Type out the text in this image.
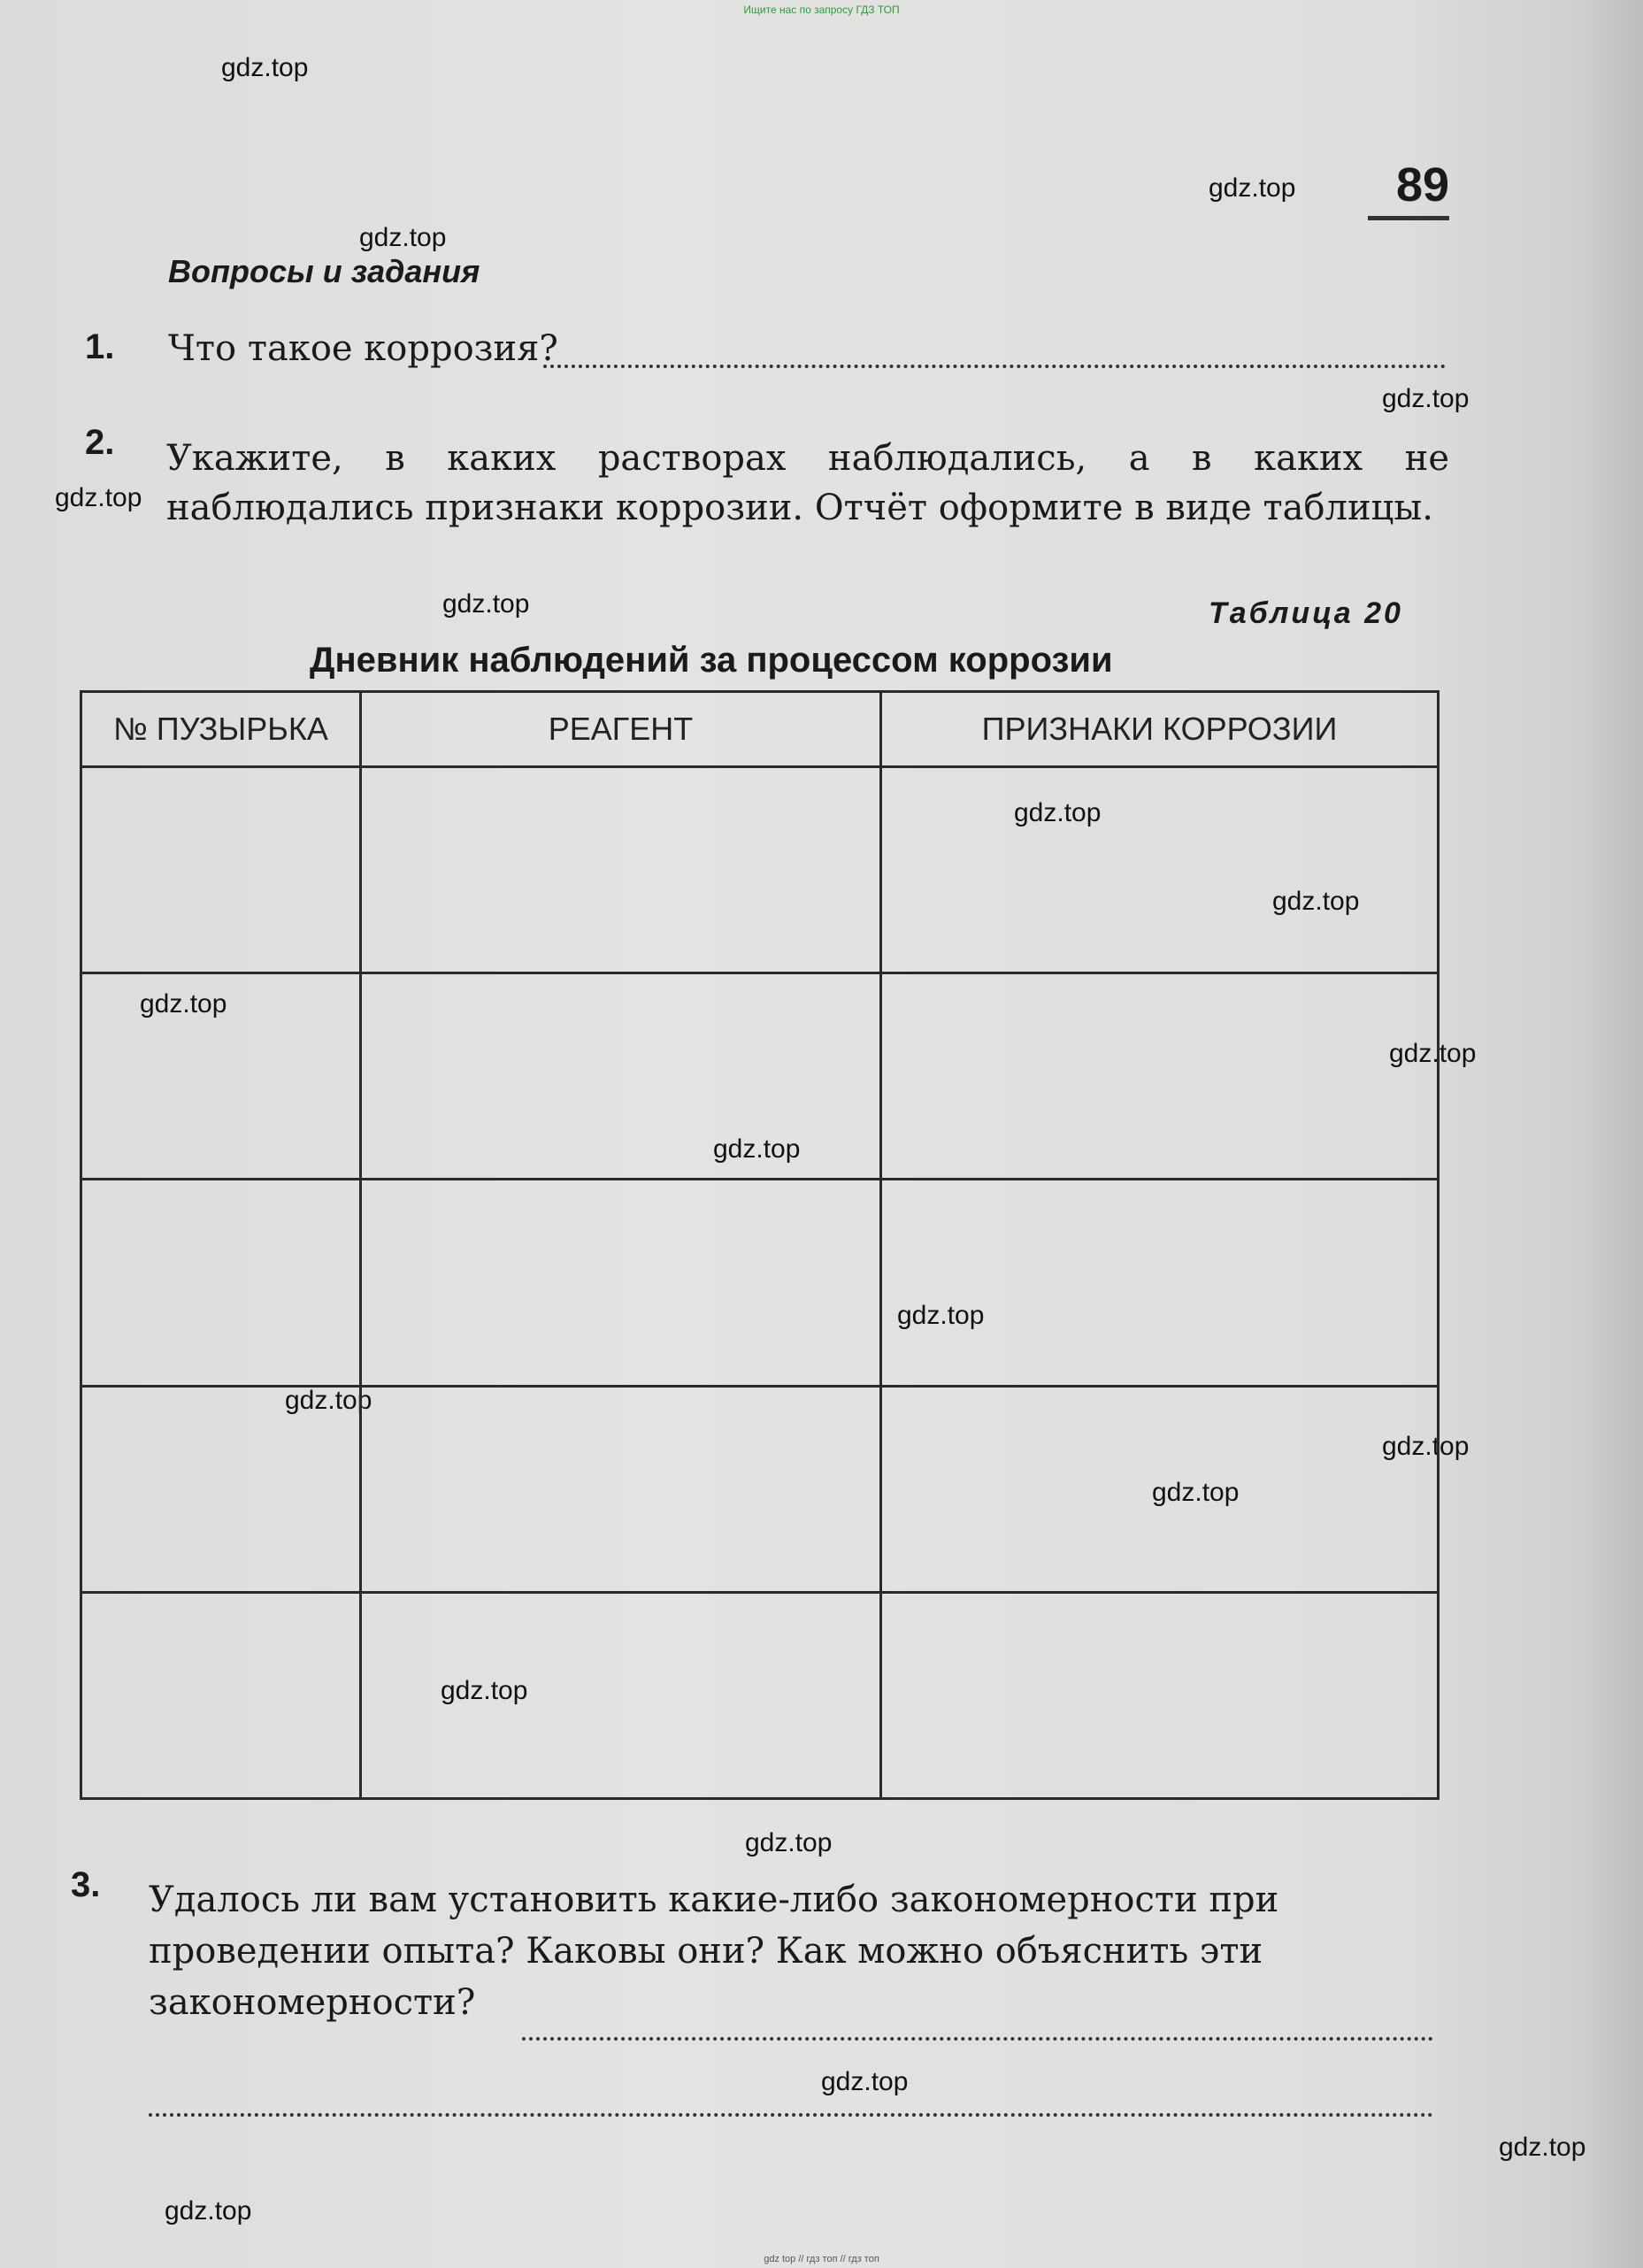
Ищите нас по запросу ГДЗ ТОП
gdz.top
gdz.top
gdz.top
gdz.top
gdz.top
gdz.top
gdz.top
gdz.top
gdz.top
gdz.top
gdz.top
gdz.top
gdz.top
gdz.top
gdz.top
gdz.top
gdz.top
gdz.top
gdz.top
gdz.top
89
Вопросы и задания
1. Что такое коррозия?
2. Укажите, в каких растворах наблюдались, а в каких не наблюдались признаки коррозии. Отчёт оформите в виде таблицы.
Таблица 20
Дневник наблюдений за процессом коррозии
№ ПУЗЫРЬКА	РЕАГЕНТ	ПРИЗНАКИ КОРРОЗИИ

3. Удалось ли вам установить какие-либо закономерности при проведении опыта? Каковы они? Как можно объяснить эти закономерности?
gdz top // гдз топ // гдз топ
